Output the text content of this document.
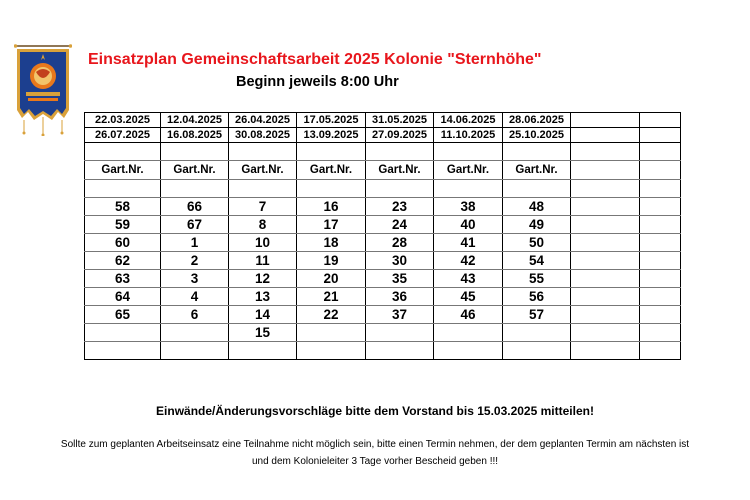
Einsatzplan Gemeinschaftsarbeit 2025 Kolonie "Sternhöhe"
Beginn jeweils 8:00 Uhr
22.03.2025	12.04.2025	26.04.2025	17.05.2025	31.05.2025	14.06.2025	28.06.2025		
26.07.2025	16.08.2025	30.08.2025	13.09.2025	27.09.2025	11.10.2025	25.10.2025		

Gart.Nr.	Gart.Nr.	Gart.Nr.	Gart.Nr.	Gart.Nr.	Gart.Nr.	Gart.Nr.		

58	66	7	16	23	38	48		
59	67	8	17	24	40	49		
60	1	10	18	28	41	50		
62	2	11	19	30	42	54		
63	3	12	20	35	43	55		
64	4	13	21	36	45	56		
65	6	14	22	37	46	57		
		15						

Einwände/Änderungsvorschläge bitte dem Vorstand bis 15.03.2025 mitteilen!
Sollte zum geplanten Arbeitseinsatz eine Teilnahme nicht möglich sein, bitte einen Termin nehmen, der dem geplanten Termin am nächsten ist
und dem Kolonieleiter 3 Tage vorher Bescheid geben !!!
